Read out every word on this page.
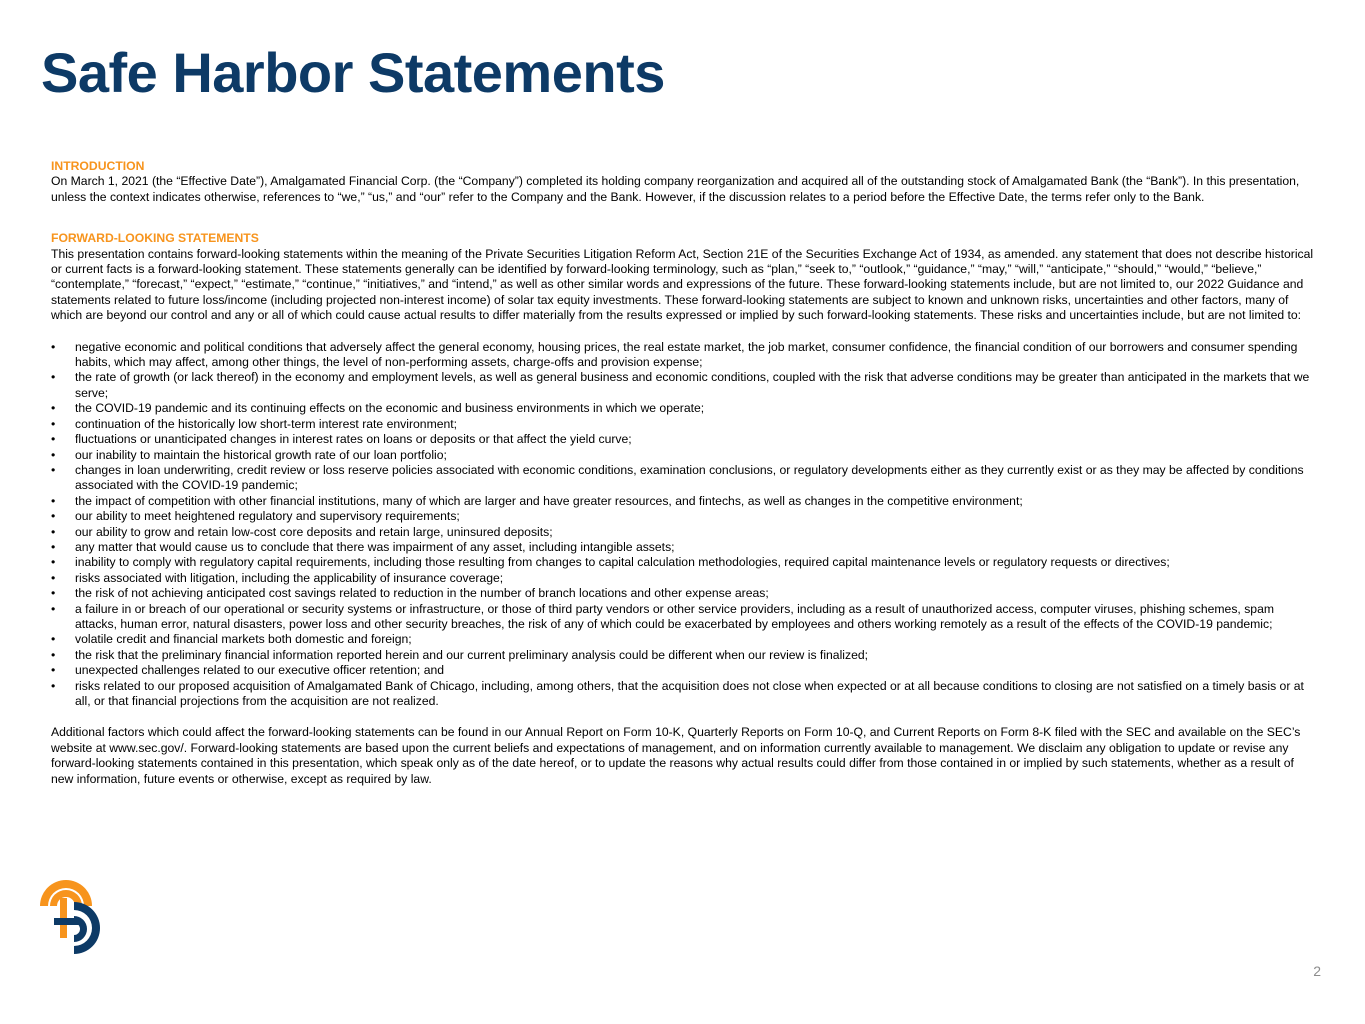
Safe Harbor Statements

INTRODUCTION

On March 1, 2021 (the “Effective Date”), Amalgamated Financial Corp. (the “Company”) completed its holding company reorganization and acquired all of the outstanding stock of Amalgamated Bank (the “Bank”). In this presentation, unless the context indicates otherwise, references to “we,” “us,” and “our” refer to the Company and the Bank. However, if the discussion relates to a period before the Effective Date, the terms refer only to the Bank.

FORWARD-LOOKING STATEMENTS

This presentation contains forward-looking statements within the meaning of the Private Securities Litigation Reform Act, Section 21E of the Securities Exchange Act of 1934, as amended. any statement that does not describe historical or current facts is a forward-looking statement. These statements generally can be identified by forward-looking terminology, such as “plan,” “seek to,” “outlook,” “guidance,” “may,” “will,” “anticipate,” “should,” “would,” “believe,” “contemplate,” “forecast,” “expect,” “estimate,” “continue,” “initiatives,” and “intend,” as well as other similar words and expressions of the future. These forward-looking statements include, but are not limited to, our 2022 Guidance and statements related to future loss/income (including projected non-interest income) of solar tax equity investments. These forward-looking statements are subject to known and unknown risks, uncertainties and other factors, many of which are beyond our control and any or all of which could cause actual results to differ materially from the results expressed or implied by such forward-looking statements. These risks and uncertainties include, but are not limited to:

• negative economic and political conditions that adversely affect the general economy, housing prices, the real estate market, the job market, consumer confidence, the financial condition of our borrowers and consumer spending habits, which may affect, among other things, the level of non-performing assets, charge-offs and provision expense;
• the rate of growth (or lack thereof) in the economy and employment levels, as well as general business and economic conditions, coupled with the risk that adverse conditions may be greater than anticipated in the markets that we serve;
• the COVID-19 pandemic and its continuing effects on the economic and business environments in which we operate;
• continuation of the historically low short-term interest rate environment;
• fluctuations or unanticipated changes in interest rates on loans or deposits or that affect the yield curve;
• our inability to maintain the historical growth rate of our loan portfolio;
• changes in loan underwriting, credit review or loss reserve policies associated with economic conditions, examination conclusions, or regulatory developments either as they currently exist or as they may be affected by conditions associated with the COVID-19 pandemic;
• the impact of competition with other financial institutions, many of which are larger and have greater resources, and fintechs, as well as changes in the competitive environment;
• our ability to meet heightened regulatory and supervisory requirements;
• our ability to grow and retain low-cost core deposits and retain large, uninsured deposits;
• any matter that would cause us to conclude that there was impairment of any asset, including intangible assets;
• inability to comply with regulatory capital requirements, including those resulting from changes to capital calculation methodologies, required capital maintenance levels or regulatory requests or directives;
• risks associated with litigation, including the applicability of insurance coverage;
• the risk of not achieving anticipated cost savings related to reduction in the number of branch locations and other expense areas;
• a failure in or breach of our operational or security systems or infrastructure, or those of third party vendors or other service providers, including as a result of unauthorized access, computer viruses, phishing schemes, spam attacks, human error, natural disasters, power loss and other security breaches, the risk of any of which could be exacerbated by employees and others working remotely as a result of the effects of the COVID-19 pandemic;
• volatile credit and financial markets both domestic and foreign;
• the risk that the preliminary financial information reported herein and our current preliminary analysis could be different when our review is finalized;
• unexpected challenges related to our executive officer retention; and
• risks related to our proposed acquisition of Amalgamated Bank of Chicago, including, among others, that the acquisition does not close when expected or at all because conditions to closing are not satisfied on a timely basis or at all, or that financial projections from the acquisition are not realized.

Additional factors which could affect the forward-looking statements can be found in our Annual Report on Form 10-K, Quarterly Reports on Form 10-Q, and Current Reports on Form 8-K filed with the SEC and available on the SEC’s website at www.sec.gov/. Forward-looking statements are based upon the current beliefs and expectations of management, and on information currently available to management. We disclaim any obligation to update or revise any forward-looking statements contained in this presentation, which speak only as of the date hereof, or to update the reasons why actual results could differ from those contained in or implied by such statements, whether as a result of new information, future events or otherwise, except as required by law.

2
